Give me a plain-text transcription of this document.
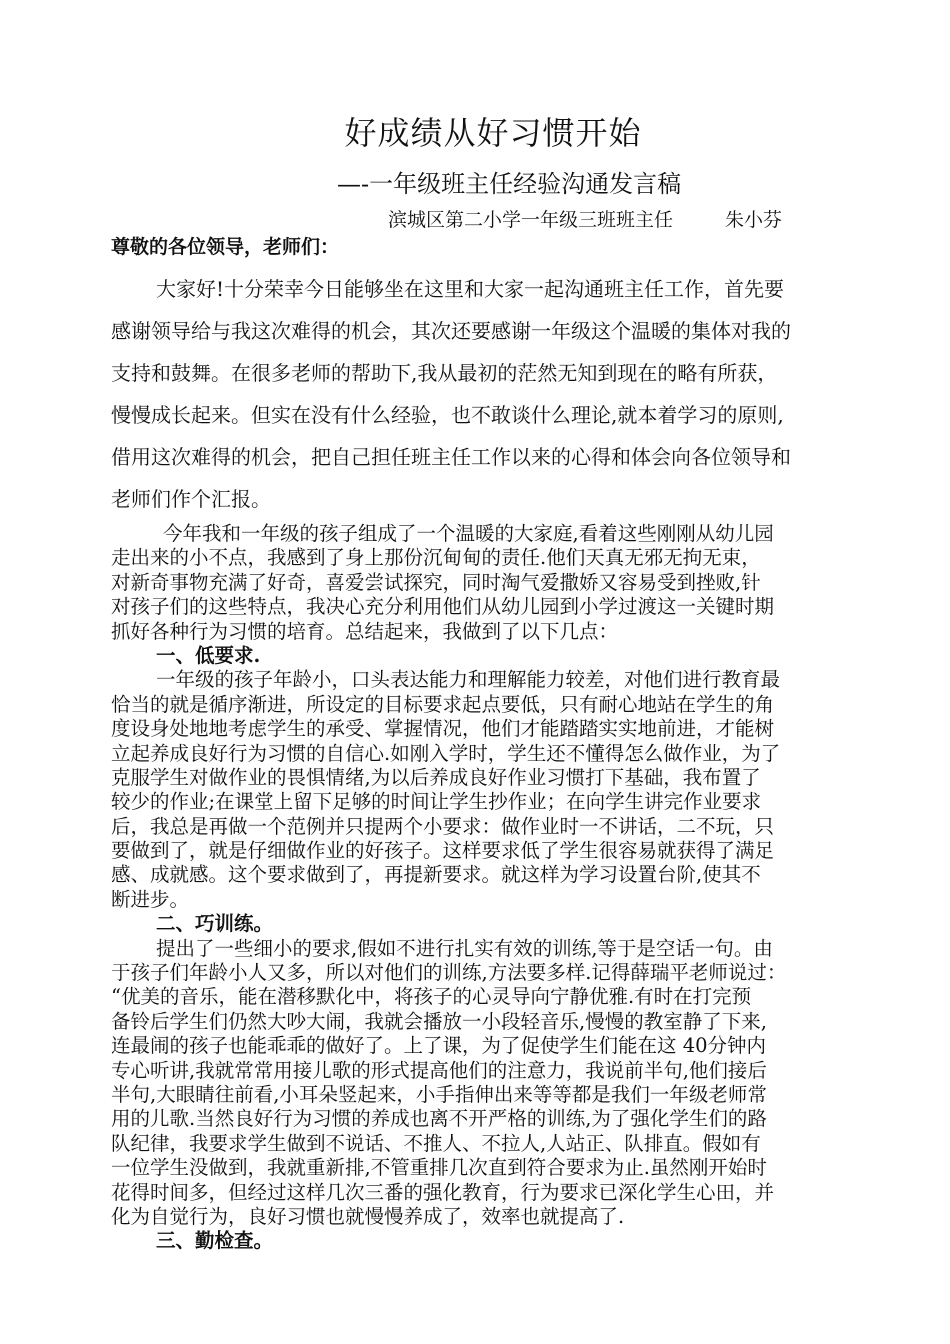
好成绩从好习惯开始
—-一年级班主任经验沟通发言稿
滨城区第二小学一年级三班班主任	朱小芬
尊敬的各位领导，老师们：
大家好!十分荣幸今日能够坐在这里和大家一起沟通班主任工作，首先要
感谢领导给与我这次难得的机会，其次还要感谢一年级这个温暖的集体对我的
支持和鼓舞。在很多老师的帮助下,我从最初的茫然无知到现在的略有所获，
慢慢成长起来。但实在没有什么经验，也不敢谈什么理论,就本着学习的原则,
借用这次难得的机会，把自己担任班主任工作以来的心得和体会向各位领导和
老师们作个汇报。
今年我和一年级的孩子组成了一个温暖的大家庭,看着这些刚刚从幼儿园
走出来的小不点，我感到了身上那份沉甸甸的责任.他们天真无邪无拘无束，
对新奇事物充满了好奇，喜爱尝试探究，同时淘气爱撒娇又容易受到挫败,针
对孩子们的这些特点，我决心充分利用他们从幼儿园到小学过渡这一关键时期
抓好各种行为习惯的培育。总结起来，我做到了以下几点：
一、低要求.
一年级的孩子年龄小，口头表达能力和理解能力较差，对他们进行教育最
恰当的就是循序渐进，所设定的目标要求起点要低，只有耐心地站在学生的角
度设身处地地考虑学生的承受、掌握情况，他们才能踏踏实实地前进，才能树
立起养成良好行为习惯的自信心.如刚入学时，学生还不懂得怎么做作业，为了
克服学生对做作业的畏惧情绪,为以后养成良好作业习惯打下基础，我布置了
较少的作业;在课堂上留下足够的时间让学生抄作业；在向学生讲完作业要求
后，我总是再做一个范例并只提两个小要求：做作业时一不讲话，二不玩，只
要做到了，就是仔细做作业的好孩子。这样要求低了学生很容易就获得了满足
感、成就感。这个要求做到了，再提新要求。就这样为学习设置台阶,使其不
断进步。
二、巧训练。
提出了一些细小的要求,假如不进行扎实有效的训练,等于是空话一句。由
于孩子们年龄小人又多，所以对他们的训练,方法要多样.记得薛瑞平老师说过：
“优美的音乐，能在潜移默化中，将孩子的心灵导向宁静优雅.有时在打完预
备铃后学生们仍然大吵大闹，我就会播放一小段轻音乐,慢慢的教室静了下来,
连最闹的孩子也能乖乖的做好了。上了课，为了促使学生们能在这 40分钟内
专心听讲,我就常常用接儿歌的形式提高他们的注意力，我说前半句,他们接后
半句,大眼睛往前看,小耳朵竖起来，小手指伸出来等等都是我们一年级老师常
用的儿歌.当然良好行为习惯的养成也离不开严格的训练,为了强化学生们的路
队纪律，我要求学生做到不说话、不推人、不拉人,人站正、队排直。假如有
一位学生没做到，我就重新排,不管重排几次直到符合要求为止.虽然刚开始时
花得时间多，但经过这样几次三番的强化教育，行为要求已深化学生心田，并
化为自觉行为，良好习惯也就慢慢养成了，效率也就提高了.
三、勤检查。
